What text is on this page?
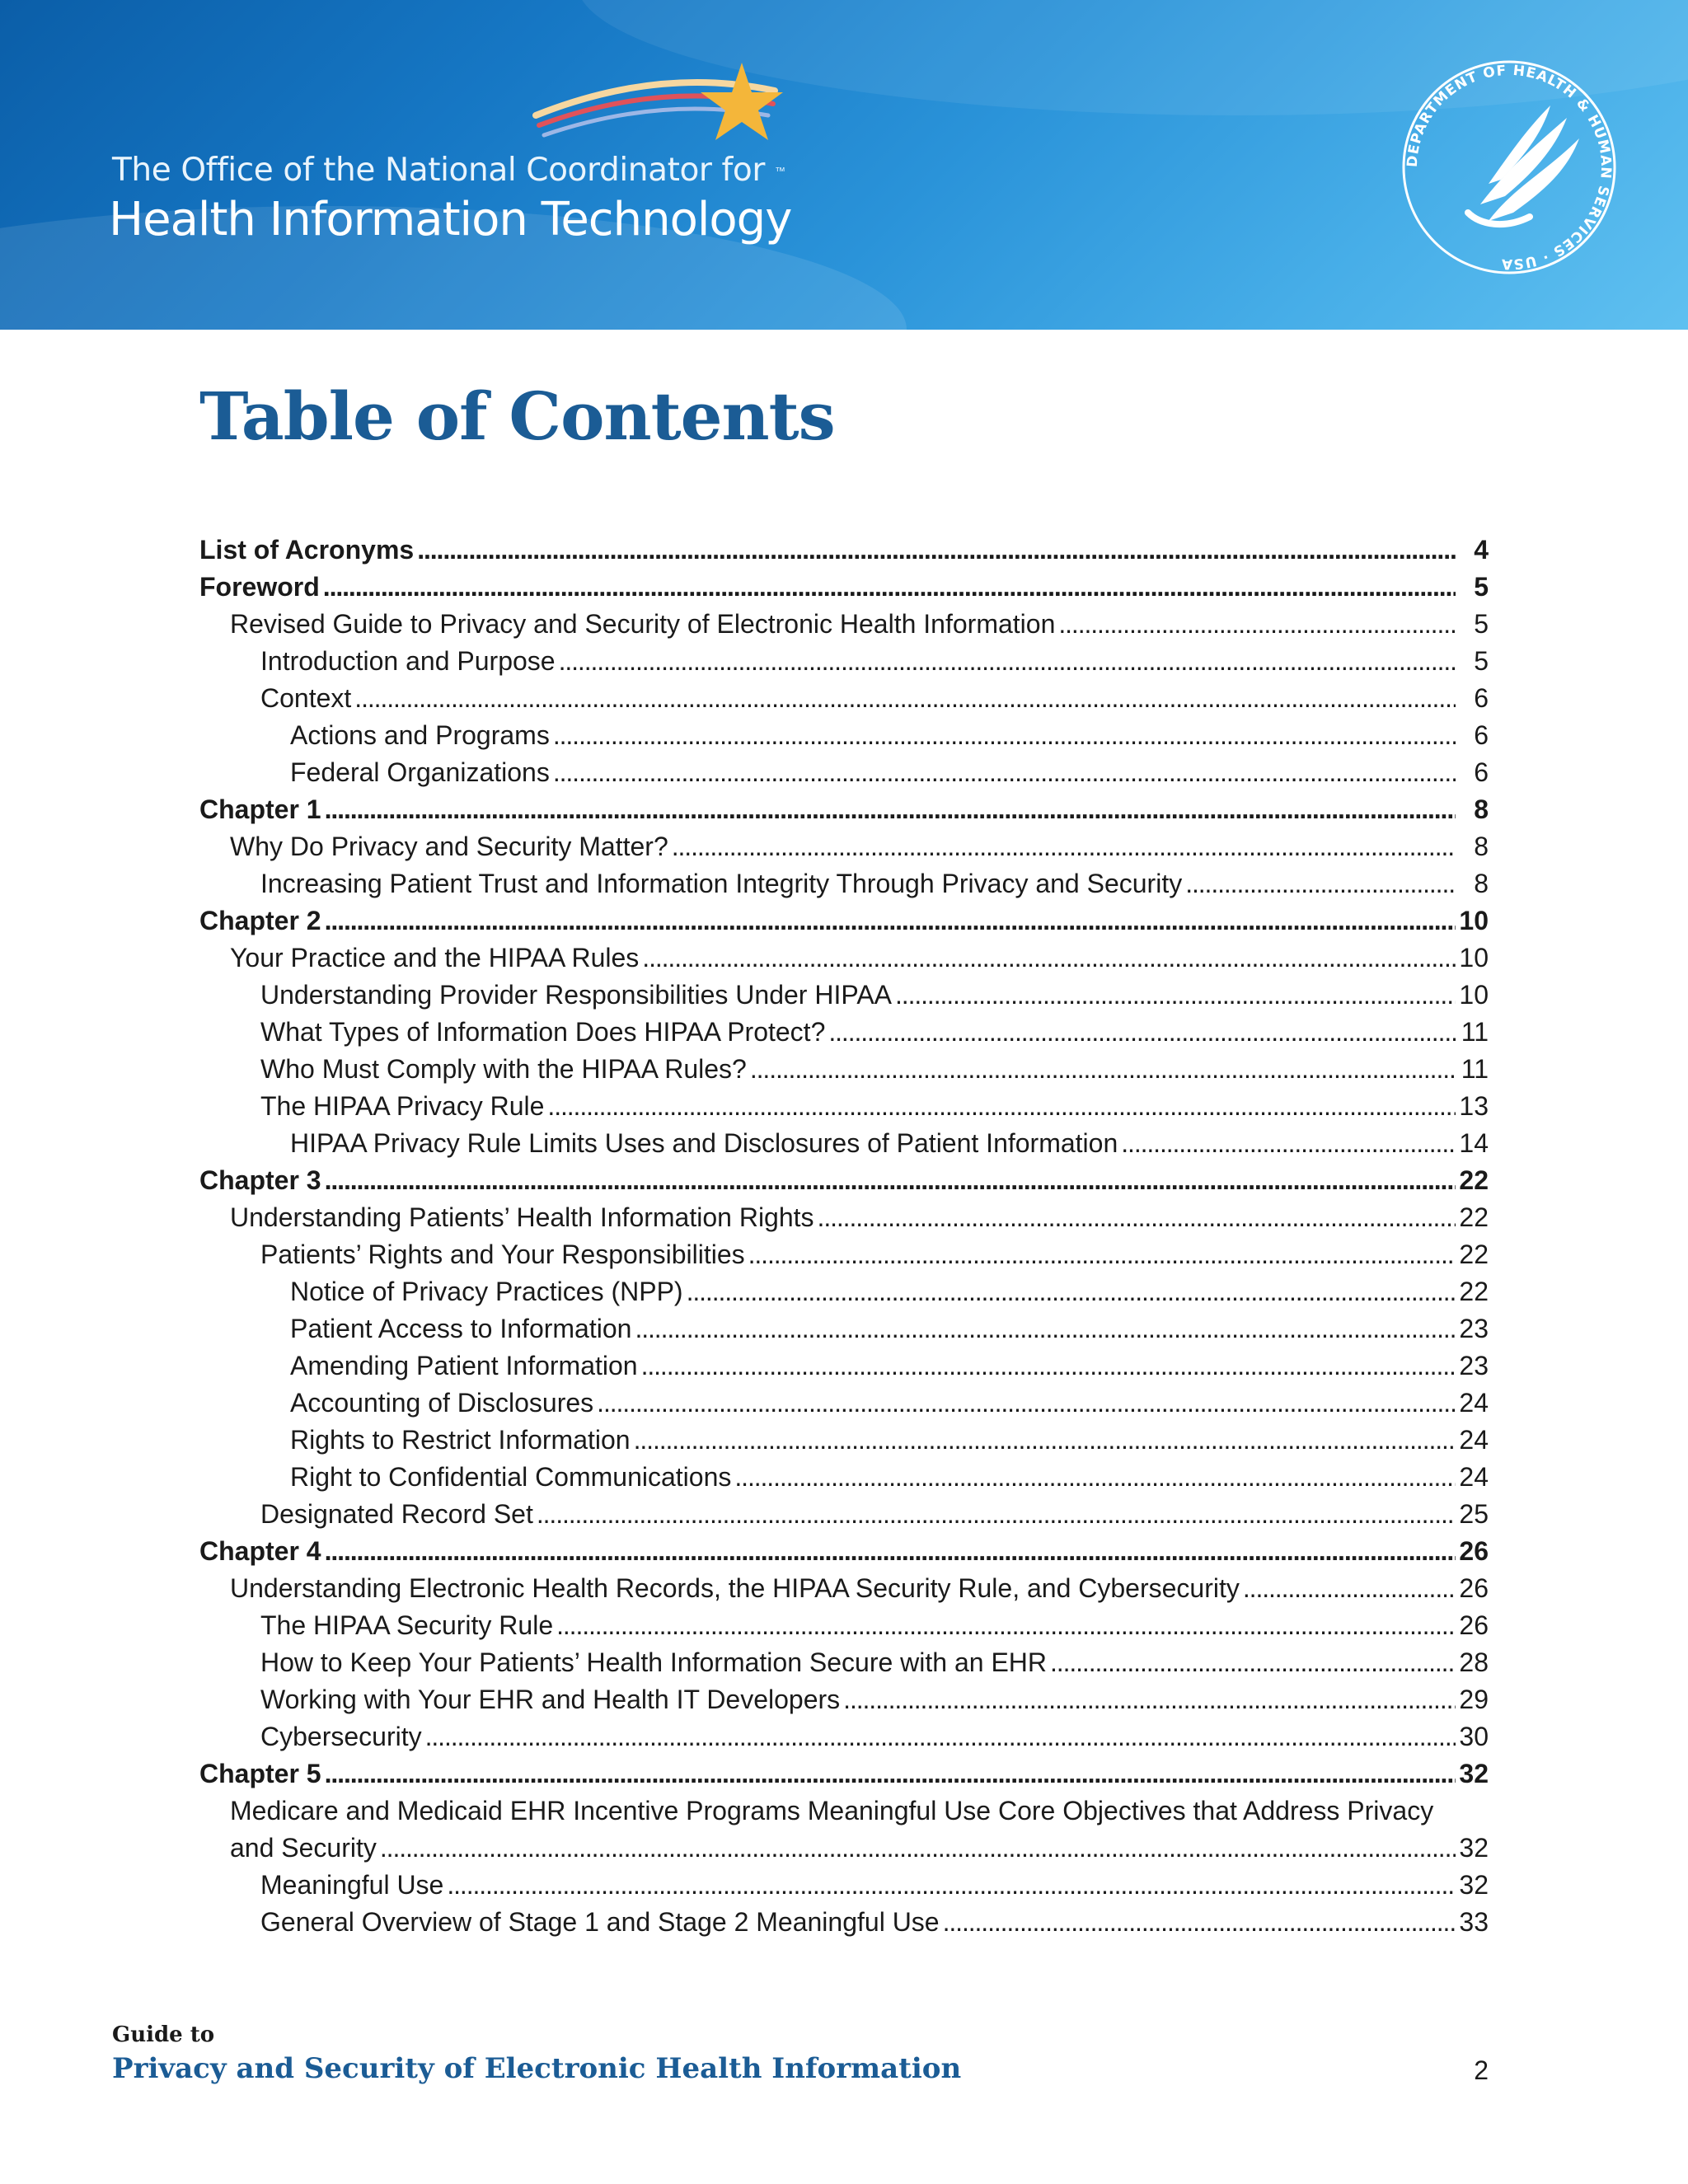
The Office of the National Coordinator for
Health Information Technology
™
DEPARTMENT OF HEALTH & HUMAN SERVICES · USA
Table of Contents
List of Acronyms . . .	4
Foreword . . .	5
Revised Guide to Privacy and Security of Electronic Health Information . . .	5
Introduction and Purpose . . .	5
Context . . .	6
Actions and Programs . . .	6
Federal Organizations . . .	6
Chapter 1 . . .	8
Why Do Privacy and Security Matter? . . .	8
Increasing Patient Trust and Information Integrity Through Privacy and Security . . .	8
Chapter 2 . . .	10
Your Practice and the HIPAA Rules . . .	10
Understanding Provider Responsibilities Under HIPAA . . .	10
What Types of Information Does HIPAA Protect? . . .	11
Who Must Comply with the HIPAA Rules? . . .	11
The HIPAA Privacy Rule . . .	13
HIPAA Privacy Rule Limits Uses and Disclosures of Patient Information . . .	14
Chapter 3 . . .	22
Understanding Patients’ Health Information Rights . . .	22
Patients’ Rights and Your Responsibilities . . .	22
Notice of Privacy Practices (NPP) . . .	22
Patient Access to Information . . .	23
Amending Patient Information . . .	23
Accounting of Disclosures . . .	24
Rights to Restrict Information . . .	24
Right to Confidential Communications . . .	24
Designated Record Set . . .	25
Chapter 4 . . .	26
Understanding Electronic Health Records, the HIPAA Security Rule, and Cybersecurity . . .	26
The HIPAA Security Rule . . .	26
How to Keep Your Patients’ Health Information Secure with an EHR . . .	28
Working with Your EHR and Health IT Developers . . .	29
Cybersecurity . . .	30
Chapter 5 . . .	32
Medicare and Medicaid EHR Incentive Programs Meaningful Use Core Objectives that Address Privacy
and Security . . .	32
Meaningful Use . . .	32
General Overview of Stage 1 and Stage 2 Meaningful Use . . .	33
Guide to
Privacy and Security of Electronic Health Information	2
